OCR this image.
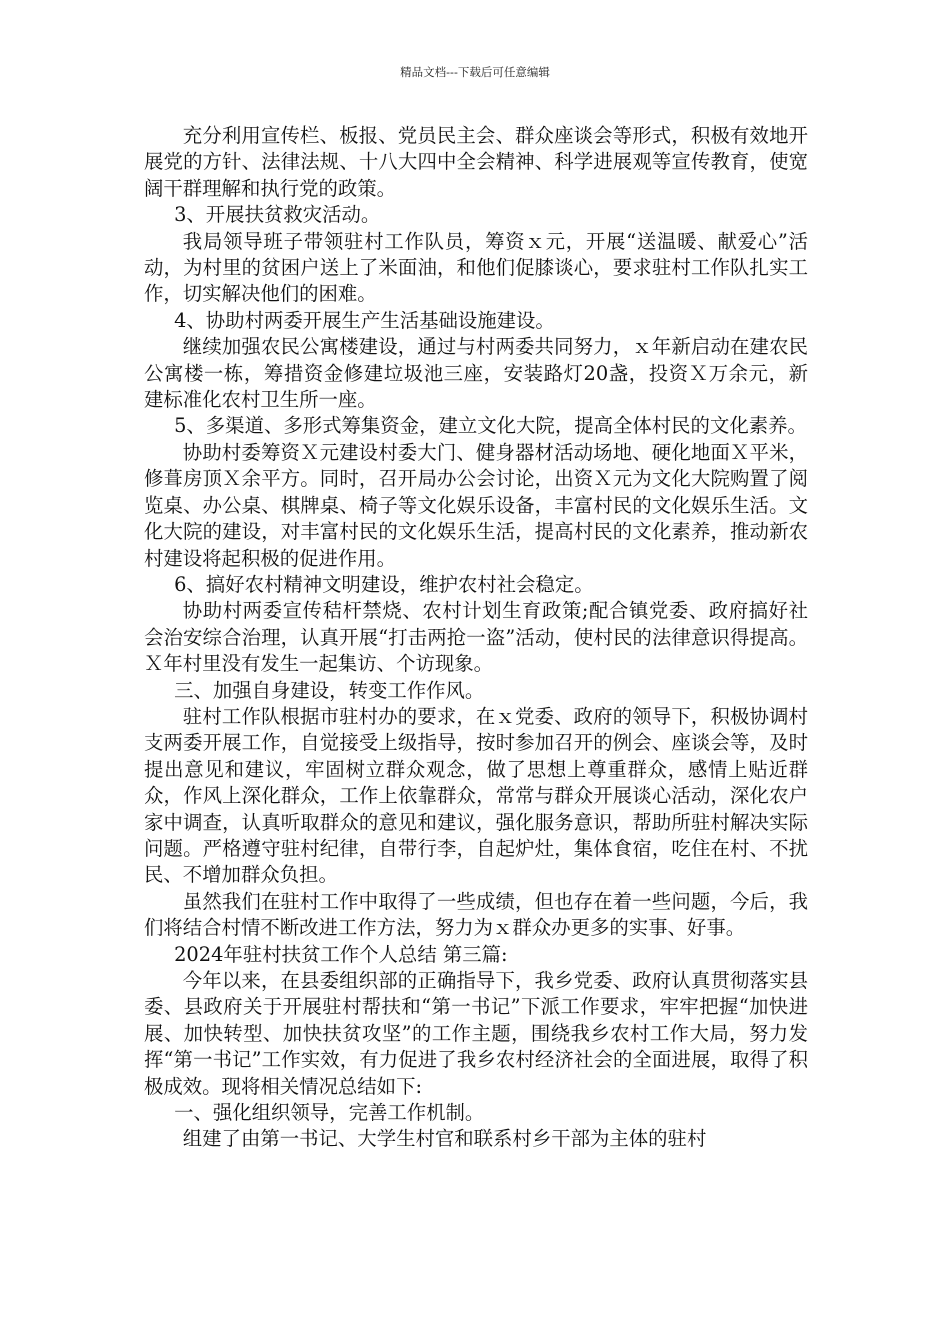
精品文档---下载后可任意编辑

充分利用宣传栏、板报、党员民主会、群众座谈会等形式，积极有效地开展党的方针、法律法规、十八大四中全会精神、科学进展观等宣传教育，使宽阔干群理解和执行党的政策。

3、开展扶贫救灾活动。

我局领导班子带领驻村工作队员，筹资ｘ元，开展“送温暖、献爱心”活动，为村里的贫困户送上了米面油，和他们促膝谈心，要求驻村工作队扎实工作，切实解决他们的困难。

4、协助村两委开展生产生活基础设施建设。

继续加强农民公寓楼建设，通过与村两委共同努力，ｘ年新启动在建农民公寓楼一栋，筹措资金修建垃圾池三座，安装路灯20盏，投资Ｘ万余元，新建标准化农村卫生所一座。

5、多渠道、多形式筹集资金，建立文化大院，提高全体村民的文化素养。

协助村委筹资Ｘ元建设村委大门、健身器材活动场地、硬化地面Ｘ平米，修葺房顶Ｘ余平方。同时，召开局办公会讨论，出资Ｘ元为文化大院购置了阅览桌、办公桌、棋牌桌、椅子等文化娱乐设备，丰富村民的文化娱乐生活。文化大院的建设，对丰富村民的文化娱乐生活，提高村民的文化素养，推动新农村建设将起积极的促进作用。

6、搞好农村精神文明建设，维护农村社会稳定。

协助村两委宣传秸杆禁烧、农村计划生育政策;配合镇党委、政府搞好社会治安综合治理，认真开展“打击两抢一盗”活动，使村民的法律意识得提高。Ｘ年村里没有发生一起集访、个访现象。

三、加强自身建设，转变工作作风。

驻村工作队根据市驻村办的要求，在ｘ党委、政府的领导下，积极协调村支两委开展工作，自觉接受上级指导，按时参加召开的例会、座谈会等，及时提出意见和建议，牢固树立群众观念，做了思想上尊重群众，感情上贴近群众，作风上深化群众，工作上依靠群众，常常与群众开展谈心活动，深化农户家中调查，认真听取群众的意见和建议，强化服务意识，帮助所驻村解决实际问题。严格遵守驻村纪律，自带行李，自起炉灶，集体食宿，吃住在村、不扰民、不增加群众负担。

虽然我们在驻村工作中取得了一些成绩，但也存在着一些问题，今后，我们将结合村情不断改进工作方法，努力为ｘ群众办更多的实事、好事。

2024年驻村扶贫工作个人总结 第三篇:

今年以来，在县委组织部的正确指导下，我乡党委、政府认真贯彻落实县委、县政府关于开展驻村帮扶和“第一书记”下派工作要求，牢牢把握“加快进展、加快转型、加快扶贫攻坚”的工作主题，围绕我乡农村工作大局，努力发挥“第一书记”工作实效，有力促进了我乡农村经济社会的全面进展，取得了积极成效。现将相关情况总结如下:

一、强化组织领导，完善工作机制。

组建了由第一书记、大学生村官和联系村乡干部为主体的驻村
